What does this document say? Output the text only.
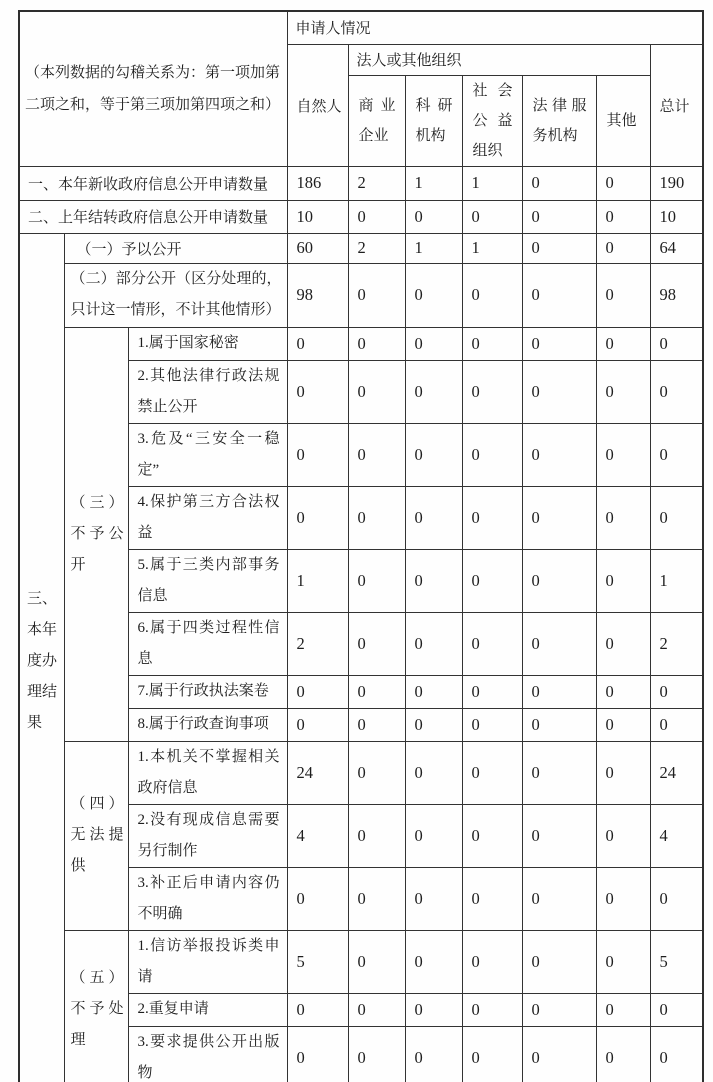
（本列数据的勾稽关系为：第一项加第二项之和，等于第三项加第四项之和）			申请人情况						
			自然人	法人或其他组织					总计
				商业企业	科研机构	社会公益组织	法律服务机构	其他	
一、本年新收政府信息公开申请数量			186	2	1	1	0	0	190
二、上年结转政府信息公开申请数量			10	0	0	0	0	0	10
三、本年度办理结果	（一）予以公开		60	2	1	1	0	0	64
	（二）部分公开（区分处理的，只计这一情形，不计其他情形）		98	0	0	0	0	0	98
	（三）不予公开	1.属于国家秘密	0	0	0	0	0	0	0
		2.其他法律行政法规禁止公开	0	0	0	0	0	0	0
		3.危及“三安全一稳定”	0	0	0	0	0	0	0
		4.保护第三方合法权益	0	0	0	0	0	0	0
		5.属于三类内部事务信息	1	0	0	0	0	0	1
		6.属于四类过程性信息	2	0	0	0	0	0	2
		7.属于行政执法案卷	0	0	0	0	0	0	0
		8.属于行政查询事项	0	0	0	0	0	0	0
	（四）无法提供	1.本机关不掌握相关政府信息	24	0	0	0	0	0	24
		2.没有现成信息需要另行制作	4	0	0	0	0	0	4
		3.补正后申请内容仍不明确	0	0	0	0	0	0	0
	（五）不予处理	1.信访举报投诉类申请	5	0	0	0	0	0	5
		2.重复申请	0	0	0	0	0	0	0
		3.要求提供公开出版物	0	0	0	0	0	0	0
